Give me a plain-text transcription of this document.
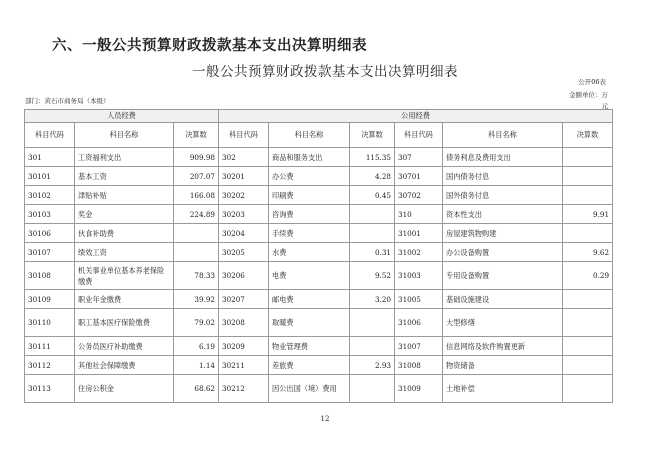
六、一般公共预算财政拨款基本支出决算明细表
一般公共预算财政拨款基本支出决算明细表
公开06表
金额单位：万元
部门：黄石市商务局（本级）
人员经费			公用经费					
科目代码	科目名称	决算数	科目代码	科目名称	决算数	科目代码	科目名称	决算数
301	工资福利支出	909.98	302	商品和服务支出	115.35	307	债务利息及费用支出	
30101	基本工资	207.07	30201	办公费	4.28	30701	国内债务付息	
30102	津贴补贴	166.08	30202	印刷费	0.45	30702	国外债务付息	
30103	奖金	224.89	30203	咨询费		310	资本性支出	9.91
30106	伙食补助费		30204	手续费		31001	房屋建筑物购建	
30107	绩效工资		30205	水费	0.31	31002	办公设备购置	9.62
30108	机关事业单位基本养老保险缴费	78.33	30206	电费	9.52	31003	专用设备购置	0.29
30109	职业年金缴费	39.92	30207	邮电费	3.20	31005	基础设施建设	
30110	职工基本医疗保险缴费	79.02	30208	取暖费		31006	大型修缮	
30111	公务员医疗补助缴费	6.19	30209	物业管理费		31007	信息网络及软件购置更新	
30112	其他社会保障缴费	1.14	30211	差旅费	2.93	31008	物资储备	
30113	住房公积金	68.62	30212	因公出国（境）费用		31009	土地补偿	
12
